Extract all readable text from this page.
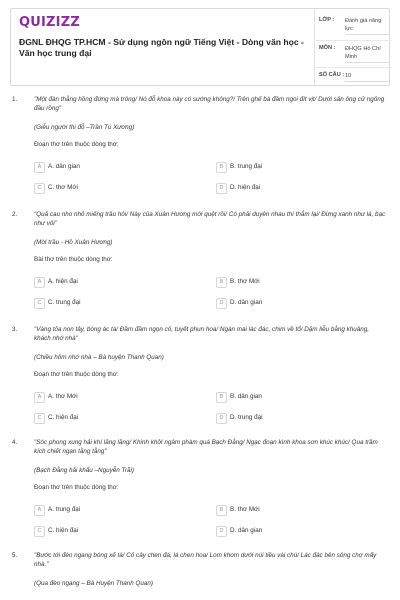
QUIZIZZ
ĐGNL ĐHQG TP.HCM - Sử dụng ngôn ngữ Tiếng Việt - Dòng văn học - Văn học trung đại
LỚP : Đánh giá năng lực
MÔN : ĐHQG Hồ Chí Minh
SỐ CÂU : 10
1.	"Một đàn thằng hồng đứng mà trông/ Nó đỗ khoa này có sướng không?/ Trên ghế bà đầm ngoi đít vịt/ Dưới sân ông cử ngỏng đầu rồng"
(Giễu người thi đỗ –Trần Tú Xương)
Đoạn thơ trên thuộc dòng thơ:
A	A. dân gian	B	B. trung đại
C	C. thơ Mới	D	D. hiện đại
2.	"Quả cau nho nhỏ miếng trầu hôi/ Này của Xuân Hương mới quệt rồi/ Có phải duyên nhau thì thắm lại/ Đừng xanh như lá, bạc như vôi"
(Mời trầu - Hồ Xuân Hương)
Bài thơ trên thuộc dòng thơ:
A	A. hiện đại	B	B. thơ Mới
C	C. trung đại	D	D. dân gian
3.	"Vàng tỏa non tây, bóng ác tà/ Đầm đầm ngọn cỏ, tuyết phun hoa/ Ngàn mai lác đác, chim về tổ/ Dặm liễu bằng khuâng, khách nhớ nhà"
(Chiều hôm nhớ nhà – Bà huyện Thanh Quan)
Đoạn thơ trên thuộc dòng thơ:
A	A. thơ Mới	B	B. dân gian
C	C. hiện đại	D	D. trung đại
4.	"Sóc phong xung hải khí lăng lăng/ Khinh khởi ngâm phàm quá Bạch Đằng/ Ngạc đoạn kình khoa sơn khúc khúc/ Qua trầm kích chiết ngạn tằng tằng"
(Bạch Đằng hải khẩu –Nguyễn Trãi)
Đoạn thơ trên thuộc dòng thơ:
A	A. trung đại	B	B. thơ Mới
C	C. hiện đại	D	D. dân gian
5.	"Bước tới đèo ngang bóng xế tà/ Cỏ cây chen đá, lá chen hoa/ Lom khom dưới núi tiều vài chú/ Lác đác bên sông chợ mấy nhà."
(Qua đèo ngang – Bà Huyện Thanh Quan)
